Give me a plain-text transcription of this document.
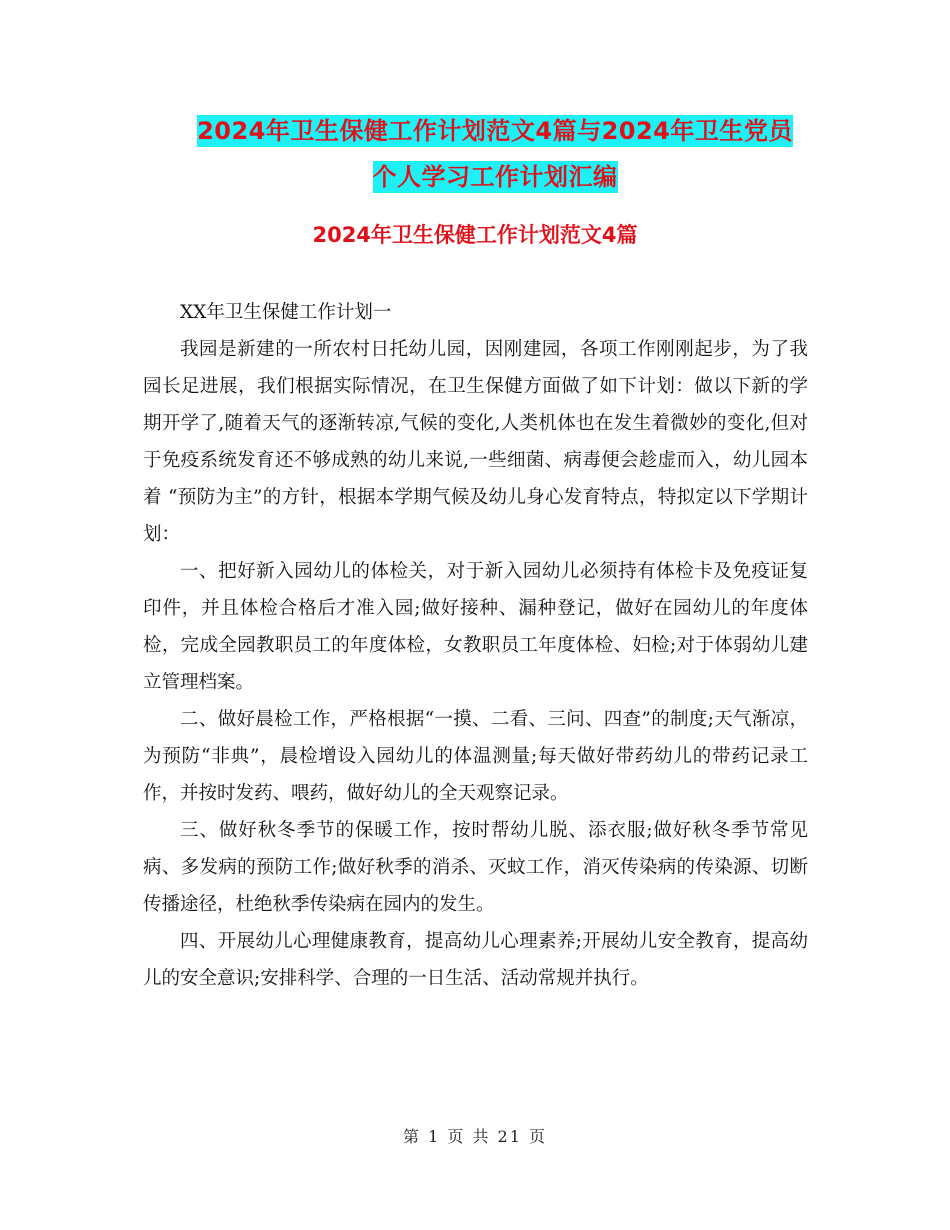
2024年卫生保健工作计划范文4篇与2024年卫生党员
个人学习工作计划汇编
2024年卫生保健工作计划范文4篇

XX年卫生保健工作计划一

我园是新建的一所农村日托幼儿园，因刚建园，各项工作刚刚起步，为了我园长足进展，我们根据实际情况，在卫生保健方面做了如下计划：做以下新的学期开学了,随着天气的逐渐转凉,气候的变化,人类机体也在发生着微妙的变化,但对于免疫系统发育还不够成熟的幼儿来说,一些细菌、病毒便会趁虚而入，幼儿园本着 “预防为主”的方针，根据本学期气候及幼儿身心发育特点，特拟定以下学期计划：

一、把好新入园幼儿的体检关，对于新入园幼儿必须持有体检卡及免疫证复印件，并且体检合格后才准入园;做好接种、漏种登记，做好在园幼儿的年度体检，完成全园教职员工的年度体检，女教职员工年度体检、妇检;对于体弱幼儿建立管理档案。

二、做好晨检工作，严格根据“一摸、二看、三问、四查”的制度;天气渐凉，为预防“非典”，晨检增设入园幼儿的体温测量;每天做好带药幼儿的带药记录工作，并按时发药、喂药，做好幼儿的全天观察记录。

三、做好秋冬季节的保暖工作，按时帮幼儿脱、添衣服;做好秋冬季节常见病、多发病的预防工作;做好秋季的消杀、灭蚊工作，消灭传染病的传染源、切断传播途径，杜绝秋季传染病在园内的发生。

四、开展幼儿心理健康教育，提高幼儿心理素养;开展幼儿安全教育，提高幼儿的安全意识;安排科学、合理的一日生活、活动常规并执行。

第 1 页 共 21 页
